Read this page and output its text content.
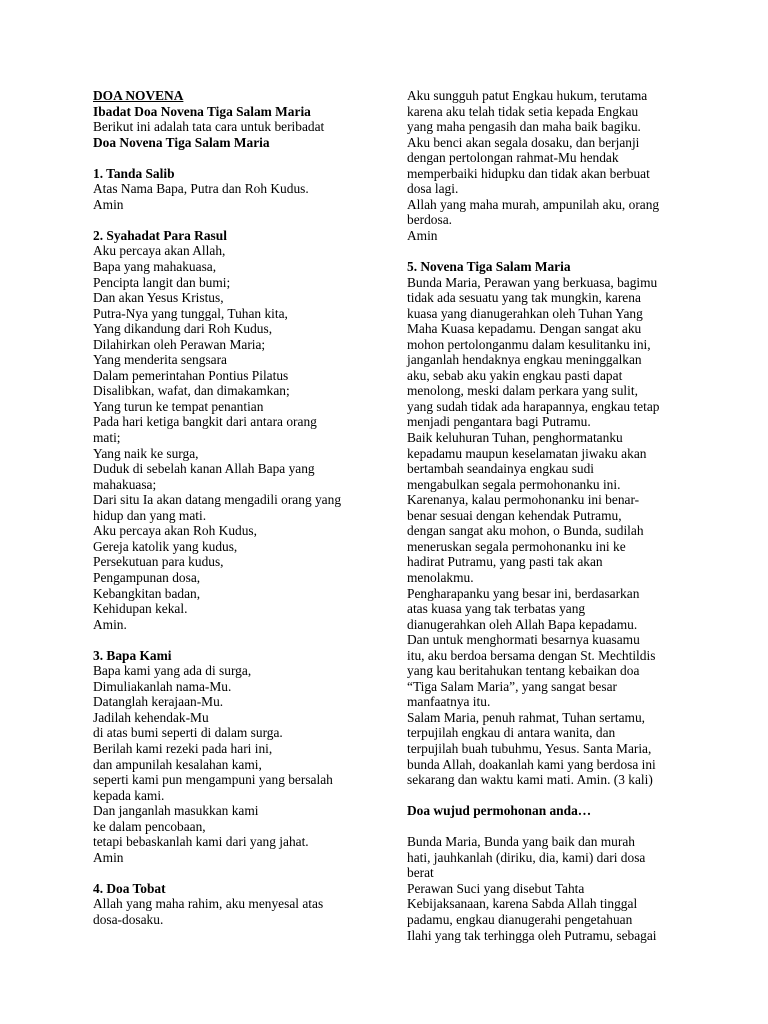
DOA NOVENA
Ibadat Doa Novena Tiga Salam Maria
Berikut ini adalah tata cara untuk beribadat
Doa Novena Tiga Salam Maria
1. Tanda Salib
Atas Nama Bapa, Putra dan Roh Kudus.
Amin
2. Syahadat Para Rasul
Aku percaya akan Allah,
Bapa yang mahakuasa,
Pencipta langit dan bumi;
Dan akan Yesus Kristus,
Putra-Nya yang tunggal, Tuhan kita,
Yang dikandung dari Roh Kudus,
Dilahirkan oleh Perawan Maria;
Yang menderita sengsara
Dalam pemerintahan Pontius Pilatus
Disalibkan, wafat, dan dimakamkan;
Yang turun ke tempat penantian
Pada hari ketiga bangkit dari antara orang
mati;
Yang naik ke surga,
Duduk di sebelah kanan Allah Bapa yang
mahakuasa;
Dari situ Ia akan datang mengadili orang yang
hidup dan yang mati.
Aku percaya akan Roh Kudus,
Gereja katolik yang kudus,
Persekutuan para kudus,
Pengampunan dosa,
Kebangkitan badan,
Kehidupan kekal.
Amin.
3. Bapa Kami
Bapa kami yang ada di surga,
Dimuliakanlah nama-Mu.
Datanglah kerajaan-Mu.
Jadilah kehendak-Mu
di atas bumi seperti di dalam surga.
Berilah kami rezeki pada hari ini,
dan ampunilah kesalahan kami,
seperti kami pun mengampuni yang bersalah
kepada kami.
Dan janganlah masukkan kami
ke dalam pencobaan,
tetapi bebaskanlah kami dari yang jahat.
Amin
4. Doa Tobat
Allah yang maha rahim, aku menyesal atas
dosa-dosaku.
Aku sungguh patut Engkau hukum, terutama
karena aku telah tidak setia kepada Engkau
yang maha pengasih dan maha baik bagiku.
Aku benci akan segala dosaku, dan berjanji
dengan pertolongan rahmat-Mu hendak
memperbaiki hidupku dan tidak akan berbuat
dosa lagi.
Allah yang maha murah, ampunilah aku, orang
berdosa.
Amin
5. Novena Tiga Salam Maria
Bunda Maria, Perawan yang berkuasa, bagimu
tidak ada sesuatu yang tak mungkin, karena
kuasa yang dianugerahkan oleh Tuhan Yang
Maha Kuasa kepadamu. Dengan sangat aku
mohon pertolonganmu dalam kesulitanku ini,
janganlah hendaknya engkau meninggalkan
aku, sebab aku yakin engkau pasti dapat
menolong, meski dalam perkara yang sulit,
yang sudah tidak ada harapannya, engkau tetap
menjadi pengantara bagi Putramu.
Baik keluhuran Tuhan, penghormatanku
kepadamu maupun keselamatan jiwaku akan
bertambah seandainya engkau sudi
mengabulkan segala permohonanku ini.
Karenanya, kalau permohonanku ini benar-
benar sesuai dengan kehendak Putramu,
dengan sangat aku mohon, o Bunda, sudilah
meneruskan segala permohonanku ini ke
hadirat Putramu, yang pasti tak akan
menolakmu.
Pengharapanku yang besar ini, berdasarkan
atas kuasa yang tak terbatas yang
dianugerahkan oleh Allah Bapa kepadamu.
Dan untuk menghormati besarnya kuasamu
itu, aku berdoa bersama dengan St. Mechtildis
yang kau beritahukan tentang kebaikan doa
“Tiga Salam Maria”, yang sangat besar
manfaatnya itu.
Salam Maria, penuh rahmat, Tuhan sertamu,
terpujilah engkau di antara wanita, dan
terpujilah buah tubuhmu, Yesus. Santa Maria,
bunda Allah, doakanlah kami yang berdosa ini
sekarang dan waktu kami mati. Amin. (3 kali)
Doa wujud permohonan anda…
Bunda Maria, Bunda yang baik dan murah
hati, jauhkanlah (diriku, dia, kami) dari dosa
berat
Perawan Suci yang disebut Tahta
Kebijaksanaan, karena Sabda Allah tinggal
padamu, engkau dianugerahi pengetahuan
Ilahi yang tak terhingga oleh Putramu, sebagai
